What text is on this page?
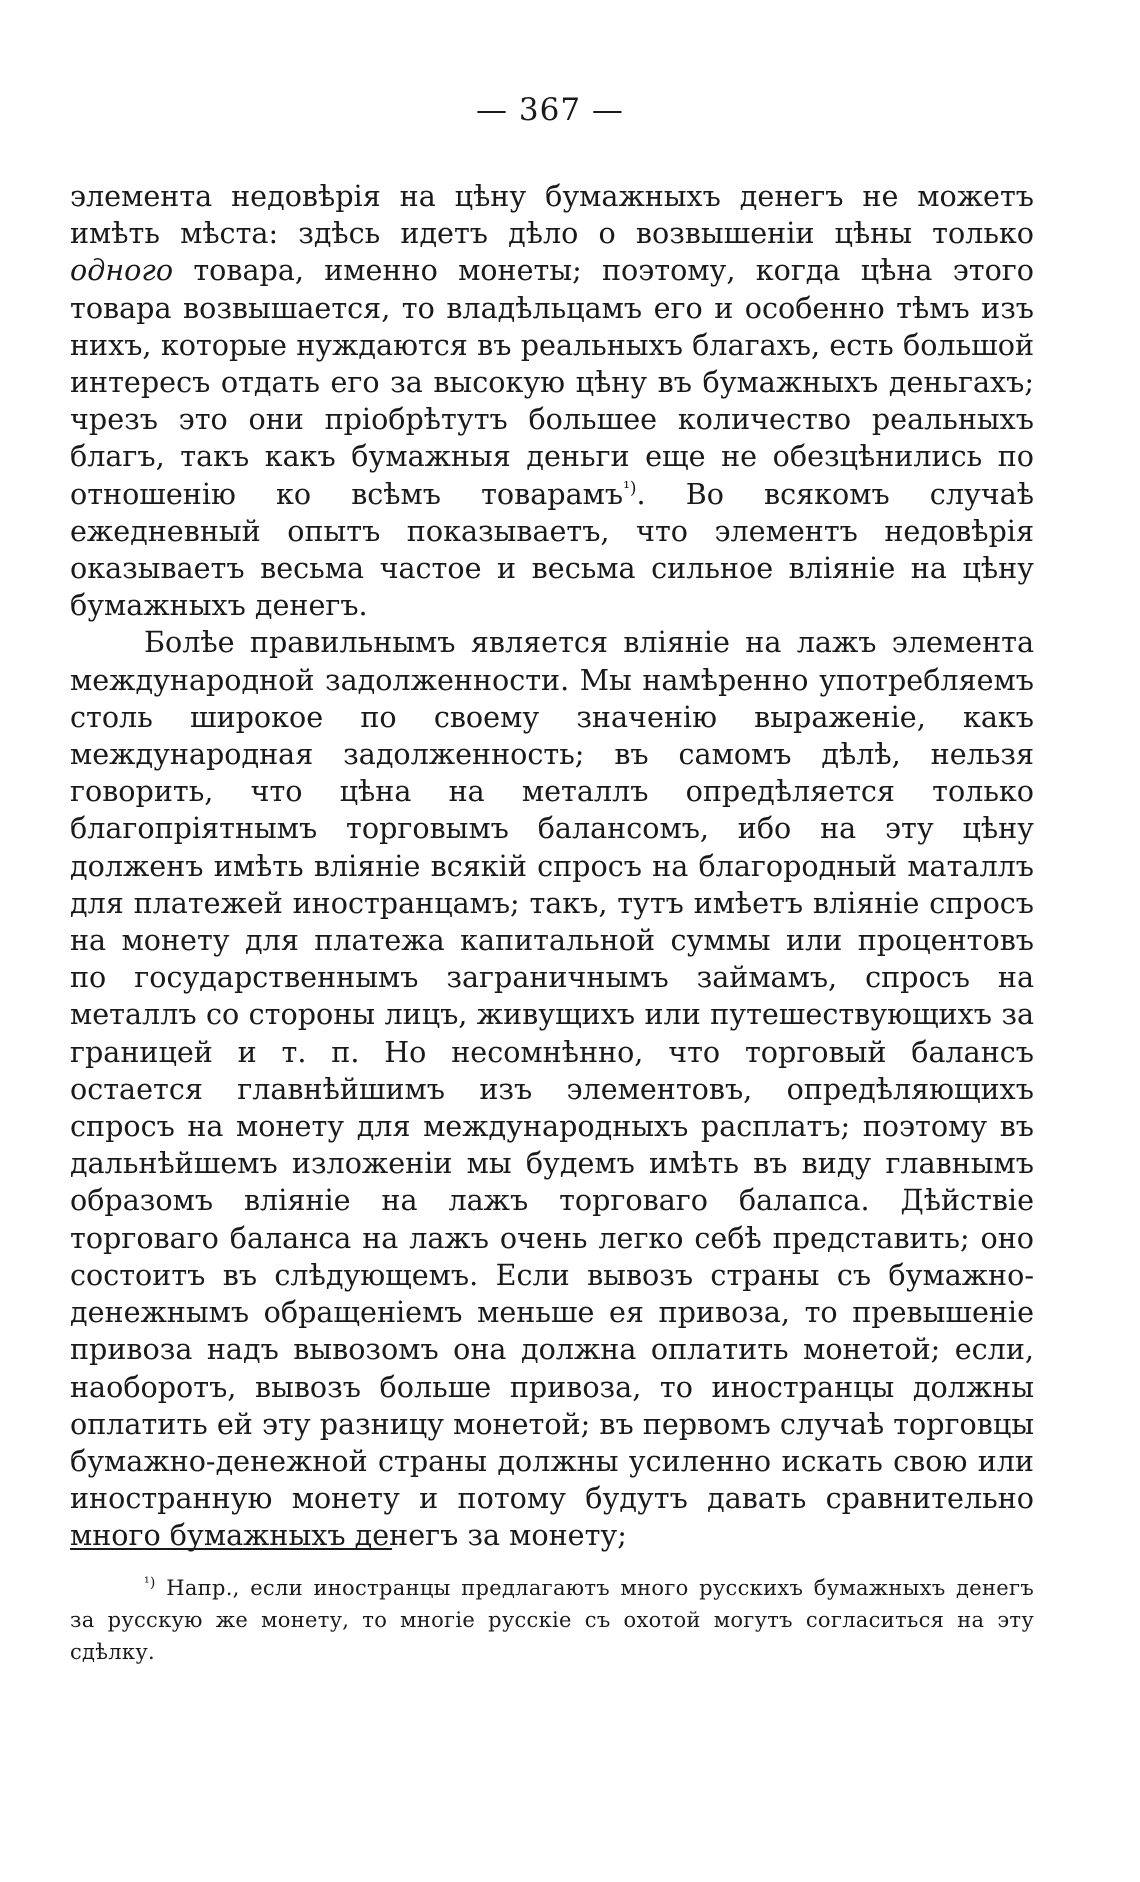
— 367 —

элемента недовѣрія на цѣну бумажныхъ денегъ не можетъ имѣть мѣста: здѣсь идетъ дѣло о возвышеніи цѣны только одного товара, именно монеты; поэтому, когда цѣна этого товара возвышается, то владѣльцамъ его и особенно тѣмъ изъ нихъ, которые нуждаются въ реальныхъ благахъ, есть большой интересъ отдать его за высокую цѣну въ бумажныхъ деньгахъ; чрезъ это они пріобрѣтутъ большее количество реальныхъ благъ, такъ какъ бумажныя деньги еще не обезцѣнились по отношенію ко всѣмъ товарамъ$^{^1)}$. Во всякомъ случаѣ ежедневный опытъ показываетъ, что элементъ недовѣрія оказываетъ весьма частое и весьма сильное вліяніе на цѣну бумажныхъ денегъ.

Болѣе правильнымъ является вліяніе на лажъ элемента международной задолженности. Мы намѣренно употребляемъ столь широкое по своему значенію выраженіе, какъ международная задолженность; въ самомъ дѣлѣ, нельзя говорить, что цѣна на металлъ опредѣляется только благопріятнымъ торговымъ балансомъ, ибо на эту цѣну долженъ имѣть вліяніе всякій спросъ на благородный маталлъ для платежей иностранцамъ; такъ, тутъ имѣетъ вліяніе спросъ на монету для платежа капитальной суммы или процентовъ по государственнымъ заграничнымъ займамъ, спросъ на металлъ со стороны лицъ, живущихъ или путешествующихъ за границей и т. п. Но несомнѣнно, что торговый балансъ остается главнѣйшимъ изъ элементовъ, опредѣляющихъ спросъ на монету для международныхъ расплатъ; поэтому въ дальнѣйшемъ изложеніи мы будемъ имѣть въ виду главнымъ образомъ вліяніе на лажъ торговаго балапса. Дѣйствіе торговаго баланса на лажъ очень легко себѣ представить; оно состоитъ въ слѣдующемъ. Если вывозъ страны съ бумажно-денежнымъ обращеніемъ меньше ея привоза, то превышеніе привоза надъ вывозомъ она должна оплатить монетой; если, наоборотъ, вывозъ больше привоза, то иностранцы должны оплатить ей эту разницу монетой; въ первомъ случаѣ торговцы бумажно-денежной страны должны усиленно искать свою или иностранную монету и потому будутъ давать сравнительно много бумажныхъ денегъ за монету;

$^{^1)}$ Напр., если иностранцы предлагаютъ много русскихъ бумажныхъ денегъ за русскую же монету, то многіе русскіе съ охотой могутъ согласиться на эту сдѣлку.
